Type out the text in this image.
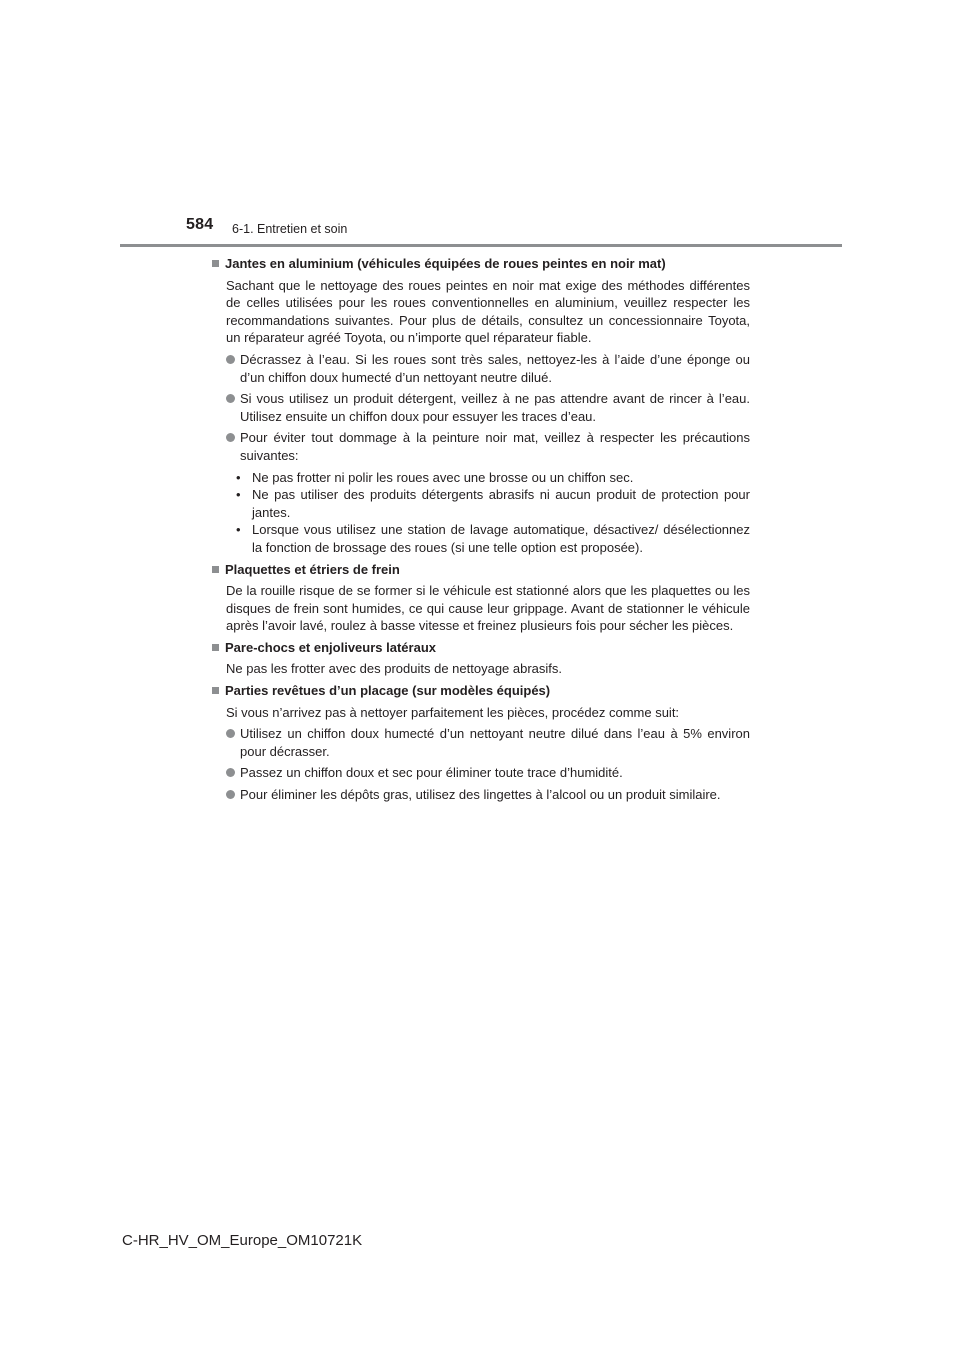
584 6-1. Entretien et soin
Jantes en aluminium (véhicules équipées de roues peintes en noir mat)
Sachant que le nettoyage des roues peintes en noir mat exige des méthodes différentes de celles utilisées pour les roues conventionnelles en aluminium, veuillez respecter les recommandations suivantes. Pour plus de détails, consultez un concessionnaire Toyota, un réparateur agréé Toyota, ou n’importe quel réparateur fiable.
Décrassez à l’eau. Si les roues sont très sales, nettoyez-les à l’aide d’une éponge ou d’un chiffon doux humecté d’un nettoyant neutre dilué.
Si vous utilisez un produit détergent, veillez à ne pas attendre avant de rincer à l’eau. Utilisez ensuite un chiffon doux pour essuyer les traces d’eau.
Pour éviter tout dommage à la peinture noir mat, veillez à respecter les précautions suivantes:
• Ne pas frotter ni polir les roues avec une brosse ou un chiffon sec.
• Ne pas utiliser des produits détergents abrasifs ni aucun produit de protection pour jantes.
• Lorsque vous utilisez une station de lavage automatique, désactivez/ désélectionnez la fonction de brossage des roues (si une telle option est proposée).
Plaquettes et étriers de frein
De la rouille risque de se former si le véhicule est stationné alors que les plaquettes ou les disques de frein sont humides, ce qui cause leur grippage. Avant de stationner le véhicule après l’avoir lavé, roulez à basse vitesse et freinez plusieurs fois pour sécher les pièces.
Pare-chocs et enjoliveurs latéraux
Ne pas les frotter avec des produits de nettoyage abrasifs.
Parties revêtues d’un placage (sur modèles équipés)
Si vous n’arrivez pas à nettoyer parfaitement les pièces, procédez comme suit:
Utilisez un chiffon doux humecté d’un nettoyant neutre dilué dans l’eau à 5% environ pour décrasser.
Passez un chiffon doux et sec pour éliminer toute trace d’humidité.
Pour éliminer les dépôts gras, utilisez des lingettes à l’alcool ou un produit similaire.
C-HR_HV_OM_Europe_OM10721K
